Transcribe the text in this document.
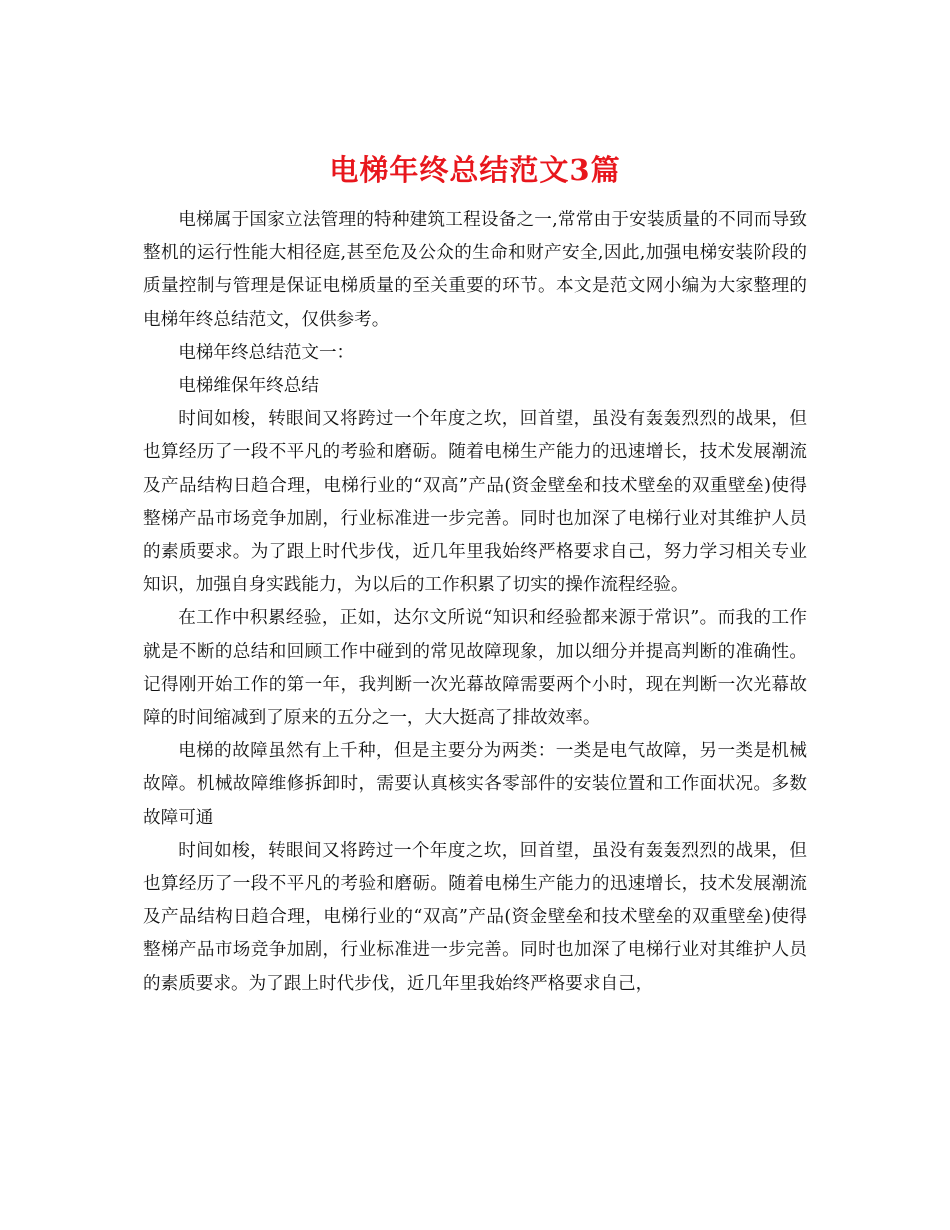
电梯年终总结范文3篇

电梯属于国家立法管理的特种建筑工程设备之一,常常由于安装质量的不同而导致整机的运行性能大相径庭,甚至危及公众的生命和财产安全,因此,加强电梯安装阶段的质量控制与管理是保证电梯质量的至关重要的环节。本文是范文网小编为大家整理的电梯年终总结范文，仅供参考。

电梯年终总结范文一：

电梯维保年终总结

时间如梭，转眼间又将跨过一个年度之坎，回首望，虽没有轰轰烈烈的战果，但也算经历了一段不平凡的考验和磨砺。随着电梯生产能力的迅速增长，技术发展潮流及产品结构日趋合理，电梯行业的“双高”产品(资金壁垒和技术壁垒的双重壁垒)使得整梯产品市场竞争加剧，行业标准进一步完善。同时也加深了电梯行业对其维护人员的素质要求。为了跟上时代步伐，近几年里我始终严格要求自己，努力学习相关专业知识，加强自身实践能力，为以后的工作积累了切实的操作流程经验。

在工作中积累经验，正如，达尔文所说“知识和经验都来源于常识”。而我的工作就是不断的总结和回顾工作中碰到的常见故障现象，加以细分并提高判断的准确性。记得刚开始工作的第一年，我判断一次光幕故障需要两个小时，现在判断一次光幕故障的时间缩减到了原来的五分之一，大大挺高了排故效率。

电梯的故障虽然有上千种，但是主要分为两类：一类是电气故障，另一类是机械故障。机械故障维修拆卸时，需要认真核实各零部件的安装位置和工作面状况。多数故障可通

时间如梭，转眼间又将跨过一个年度之坎，回首望，虽没有轰轰烈烈的战果，但也算经历了一段不平凡的考验和磨砺。随着电梯生产能力的迅速增长，技术发展潮流及产品结构日趋合理，电梯行业的“双高”产品(资金壁垒和技术壁垒的双重壁垒)使得整梯产品市场竞争加剧，行业标准进一步完善。同时也加深了电梯行业对其维护人员的素质要求。为了跟上时代步伐，近几年里我始终严格要求自己，
